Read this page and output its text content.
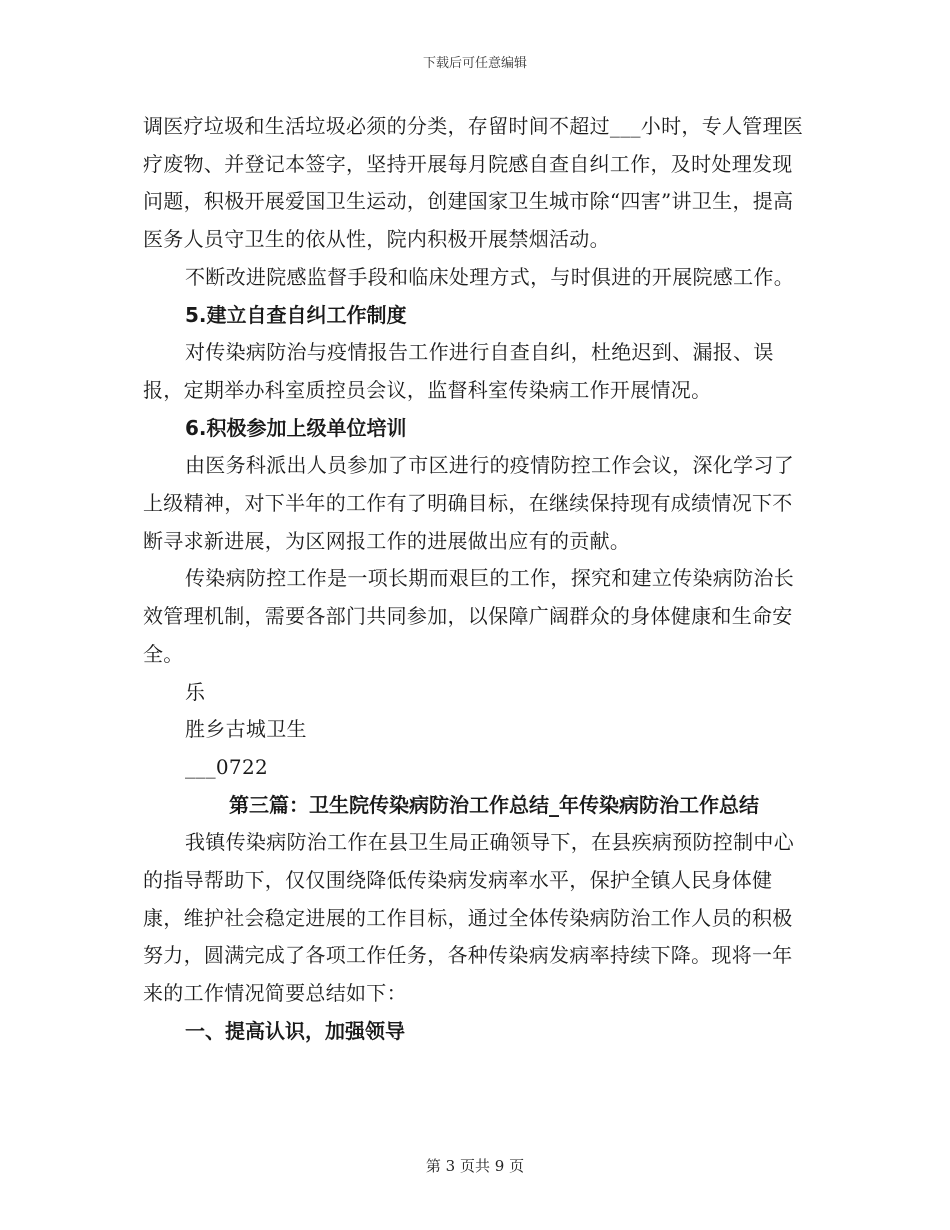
下载后可任意编辑

调医疗垃圾和生活垃圾必须的分类，存留时间不超过___小时，专人管理医疗废物、并登记本签字，坚持开展每月院感自查自纠工作，及时处理发现问题，积极开展爱国卫生运动，创建国家卫生城市除“四害”讲卫生，提高医务人员守卫生的依从性，院内积极开展禁烟活动。

不断改进院感监督手段和临床处理方式，与时俱进的开展院感工作。

5.建立自查自纠工作制度

对传染病防治与疫情报告工作进行自查自纠，杜绝迟到、漏报、误报，定期举办科室质控员会议，监督科室传染病工作开展情况。

6.积极参加上级单位培训

由医务科派出人员参加了市区进行的疫情防控工作会议，深化学习了上级精神，对下半年的工作有了明确目标，在继续保持现有成绩情况下不断寻求新进展，为区网报工作的进展做出应有的贡献。

传染病防控工作是一项长期而艰巨的工作，探究和建立传染病防治长效管理机制，需要各部门共同参加，以保障广阔群众的身体健康和生命安全。

乐

胜乡古城卫生

___0722

第三篇：卫生院传染病防治工作总结_年传染病防治工作总结

我镇传染病防治工作在县卫生局正确领导下，在县疾病预防控制中心的指导帮助下，仅仅围绕降低传染病发病率水平，保护全镇人民身体健康，维护社会稳定进展的工作目标，通过全体传染病防治工作人员的积极努力，圆满完成了各项工作任务，各种传染病发病率持续下降。现将一年来的工作情况简要总结如下：

一、提高认识，加强领导

第 3 页共 9 页
